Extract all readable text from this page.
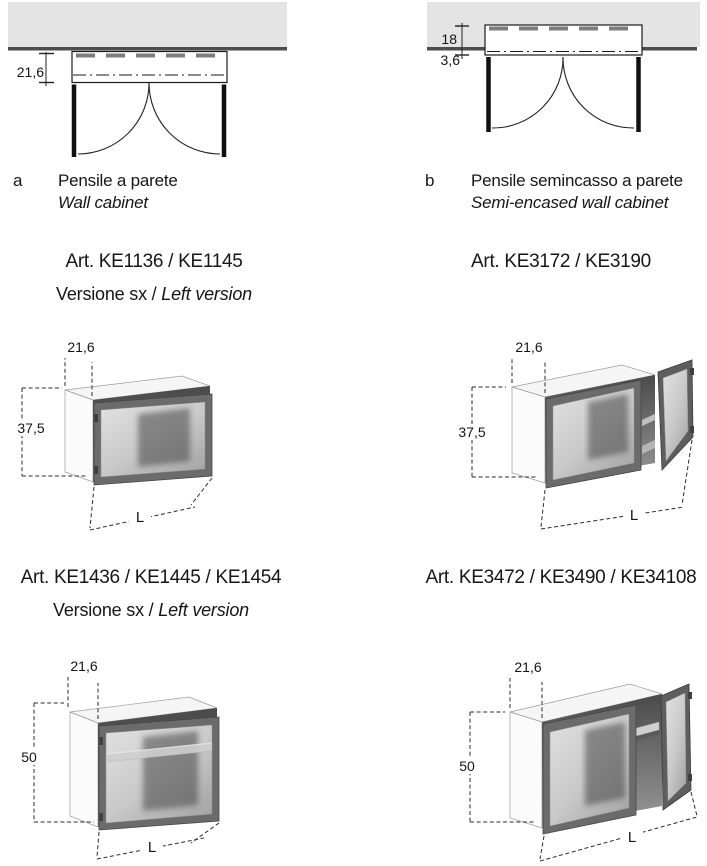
21,6
18
3,6
a Pensile a parete
Wall cabinet
b Pensile semincasso a parete
Semi-encased wall cabinet
Art. KE1136 / KE1145
Versione sx / Left version
Art. KE3172 / KE3190
21,6
37,5
L
21,6
37,5
L
Art. KE1436 / KE1445 / KE1454
Versione sx / Left version
Art. KE3472 / KE3490 / KE34108
21,6
50
L
21,6
50
L
